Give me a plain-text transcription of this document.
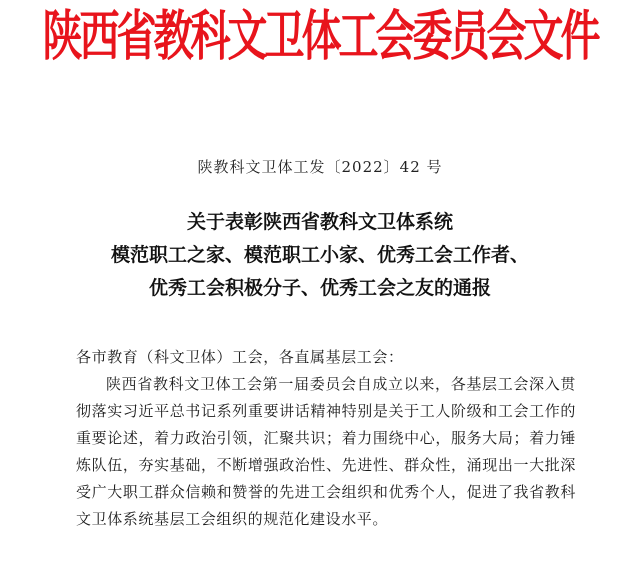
陕西省教科文卫体工会委员会文件
陕教科文卫体工发〔2022〕42 号
关于表彰陕西省教科文卫体系统
模范职工之家、模范职工小家、优秀工会工作者、
优秀工会积极分子、优秀工会之友的通报
各市教育（科文卫体）工会，各直属基层工会：

陕西省教科文卫体工会第一届委员会自成立以来，各基层工会深入贯彻落实习近平总书记系列重要讲话精神特别是关于工人阶级和工会工作的重要论述，着力政治引领，汇聚共识；着力围绕中心，服务大局；着力锤炼队伍，夯实基础，不断增强政治性、先进性、群众性，涌现出一大批深受广大职工群众信赖和赞誉的先进工会组织和优秀个人，促进了我省教科文卫体系统基层工会组织的规范化建设水平。
